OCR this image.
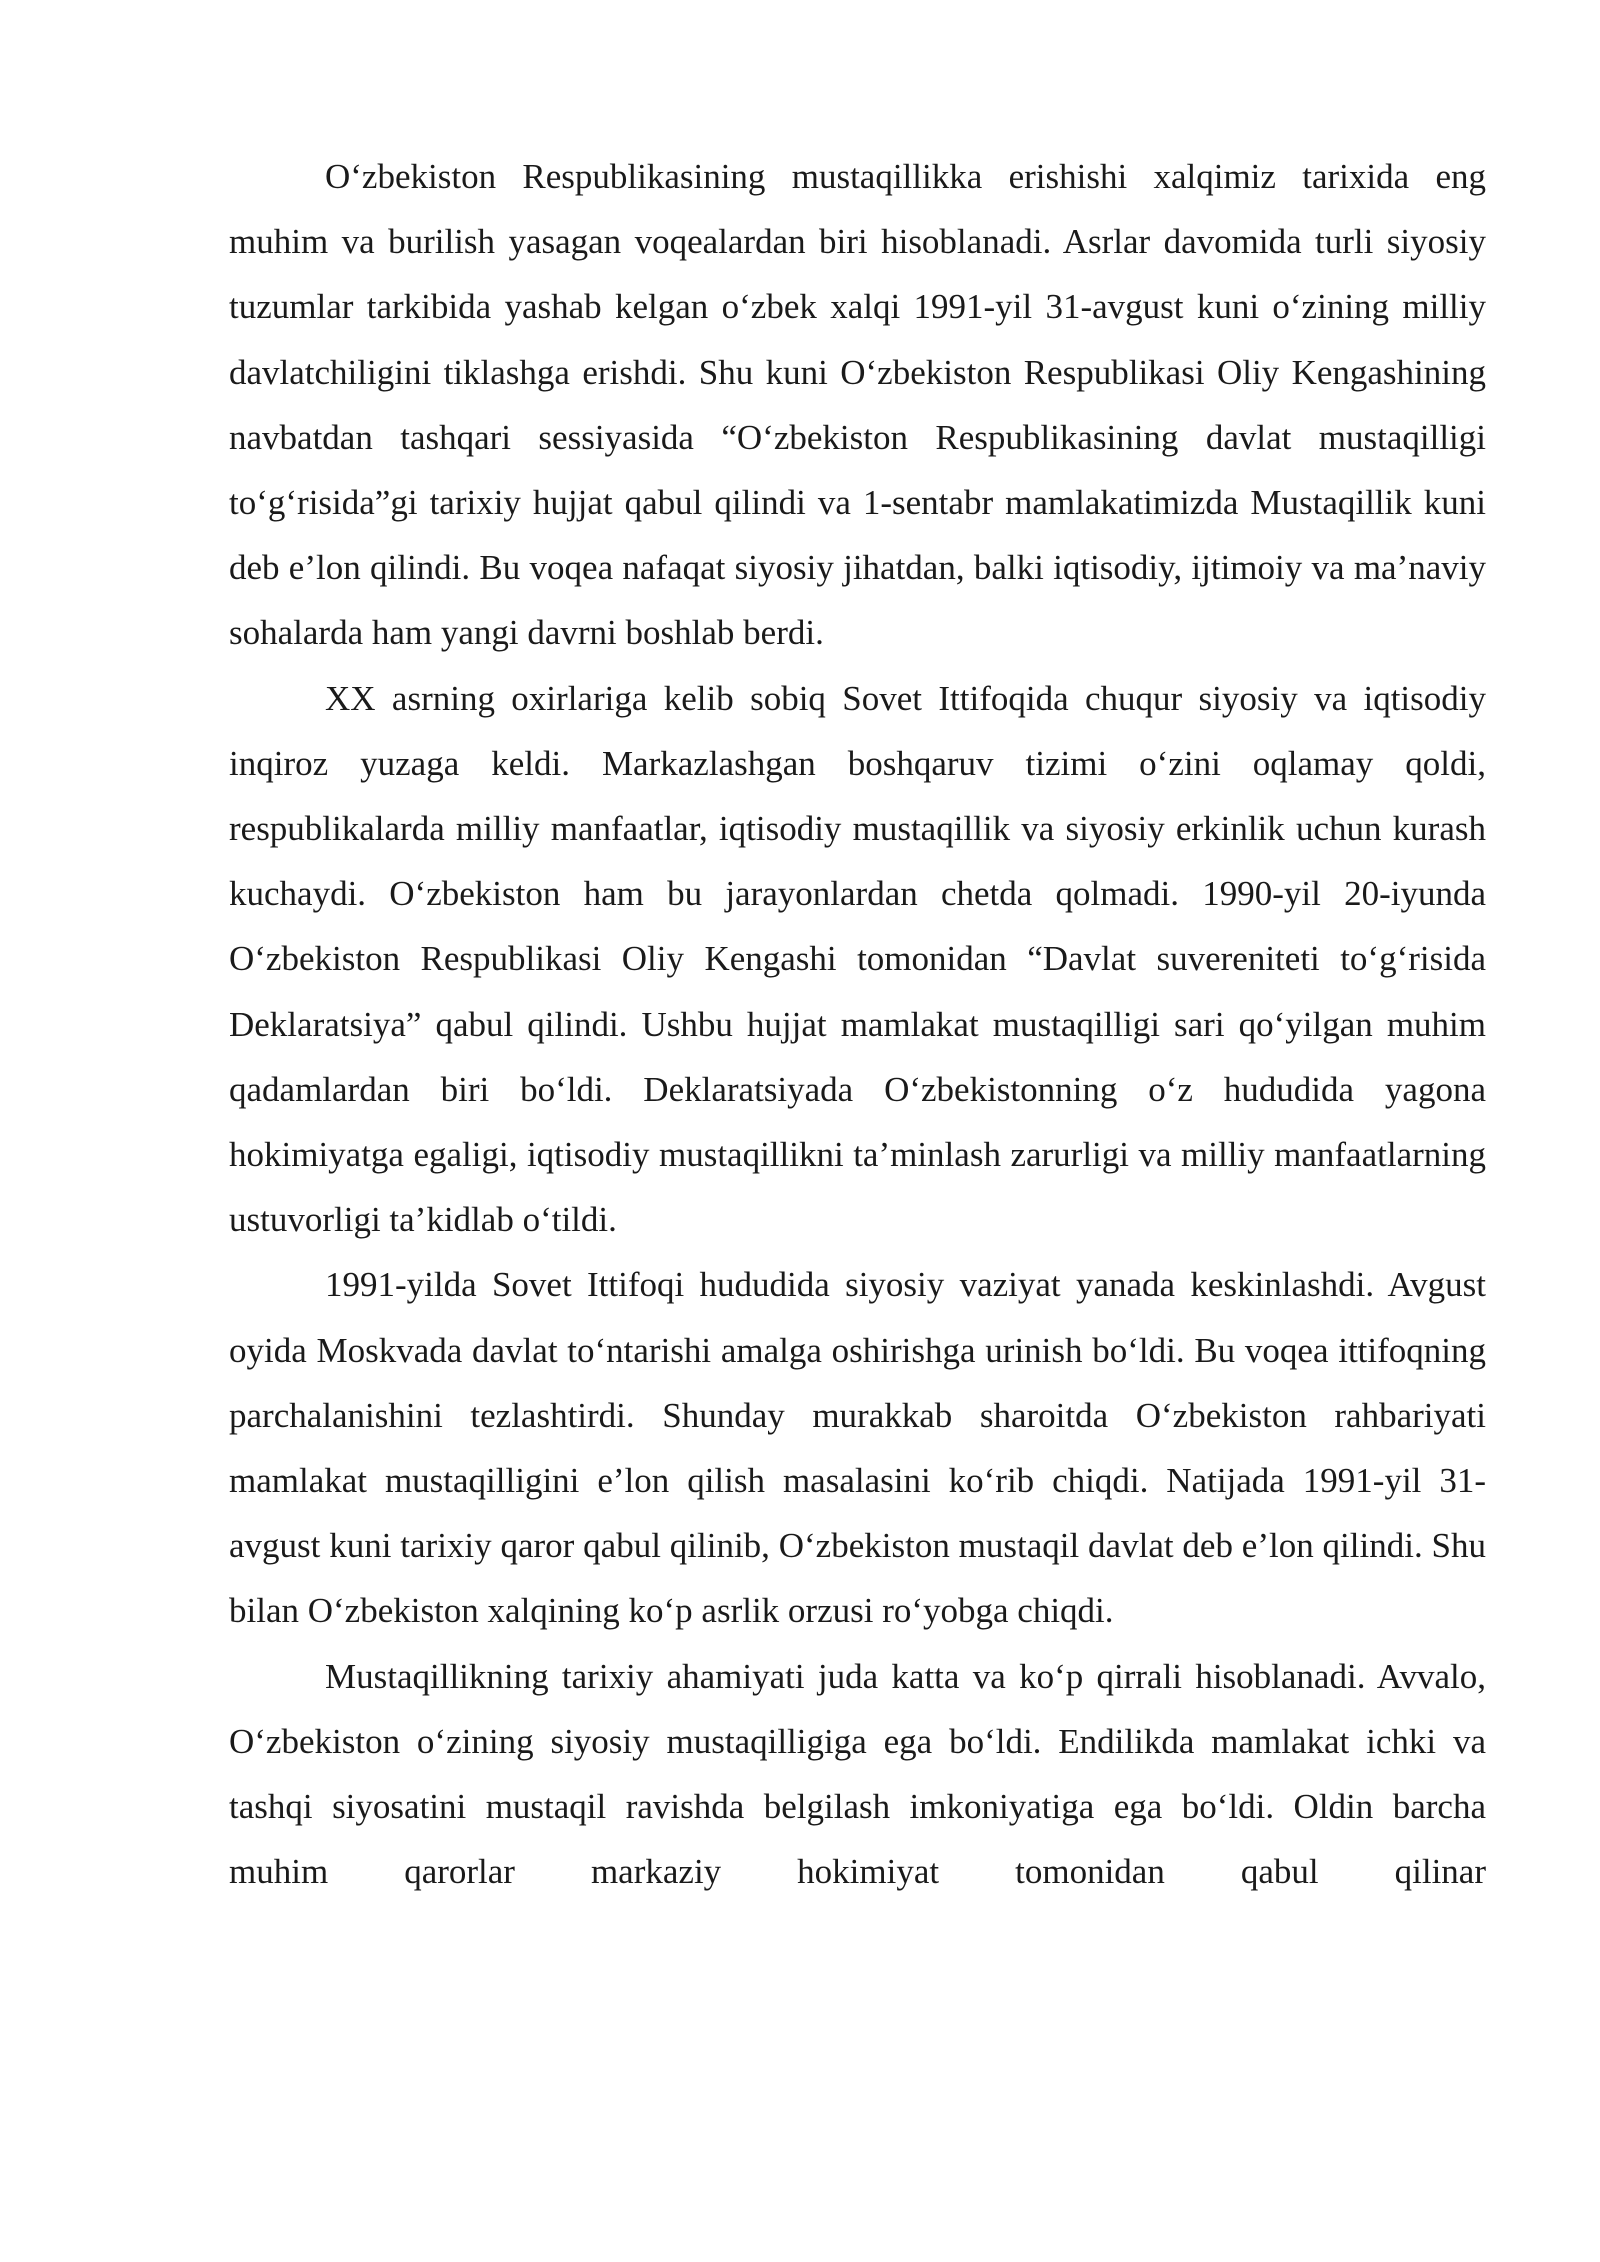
O‘zbekiston Respublikasining mustaqillikka erishishi xalqimiz tarixida eng muhim va burilish yasagan voqealardan biri hisoblanadi. Asrlar davomida turli siyosiy tuzumlar tarkibida yashab kelgan o‘zbek xalqi 1991-yil 31-avgust kuni o‘zining milliy davlatchiligini tiklashga erishdi. Shu kuni O‘zbekiston Respublikasi Oliy Kengashining navbatdan tashqari sessiyasida “O‘zbekiston Respublikasining davlat mustaqilligi to‘g‘risida”gi tarixiy hujjat qabul qilindi va 1-sentabr mamlakatimizda Mustaqillik kuni deb e’lon qilindi. Bu voqea nafaqat siyosiy jihatdan, balki iqtisodiy, ijtimoiy va ma’naviy sohalarda ham yangi davrni boshlab berdi.

XX asrning oxirlariga kelib sobiq Sovet Ittifoqida chuqur siyosiy va iqtisodiy inqiroz yuzaga keldi. Markazlashgan boshqaruv tizimi o‘zini oqlamay qoldi, respublikalarda milliy manfaatlar, iqtisodiy mustaqillik va siyosiy erkinlik uchun kurash kuchaydi. O‘zbekiston ham bu jarayonlardan chetda qolmadi. 1990-yil 20-iyunda O‘zbekiston Respublikasi Oliy Kengashi tomonidan “Davlat suvereniteti to‘g‘risida Deklaratsiya” qabul qilindi. Ushbu hujjat mamlakat mustaqilligi sari qo‘yilgan muhim qadamlardan biri bo‘ldi. Deklaratsiyada O‘zbekistonning o‘z hududida yagona hokimiyatga egaligi, iqtisodiy mustaqillikni ta’minlash zarurligi va milliy manfaatlarning ustuvorligi ta’kidlab o‘tildi.

1991-yilda Sovet Ittifoqi hududida siyosiy vaziyat yanada keskinlashdi. Avgust oyida Moskvada davlat to‘ntarishi amalga oshirishga urinish bo‘ldi. Bu voqea ittifoqning parchalanishini tezlashtirdi. Shunday murakkab sharoitda O‘zbekiston rahbariyati mamlakat mustaqilligini e’lon qilish masalasini ko‘rib chiqdi. Natijada 1991-yil 31-avgust kuni tarixiy qaror qabul qilinib, O‘zbekiston mustaqil davlat deb e’lon qilindi. Shu bilan O‘zbekiston xalqining ko‘p asrlik orzusi ro‘yobga chiqdi.

Mustaqillikning tarixiy ahamiyati juda katta va ko‘p qirrali hisoblanadi. Avvalo, O‘zbekiston o‘zining siyosiy mustaqilligiga ega bo‘ldi. Endilikda mamlakat ichki va tashqi siyosatini mustaqil ravishda belgilash imkoniyatiga ega bo‘ldi. Oldin barcha muhim qarorlar markaziy hokimiyat tomonidan qabul qilinar
